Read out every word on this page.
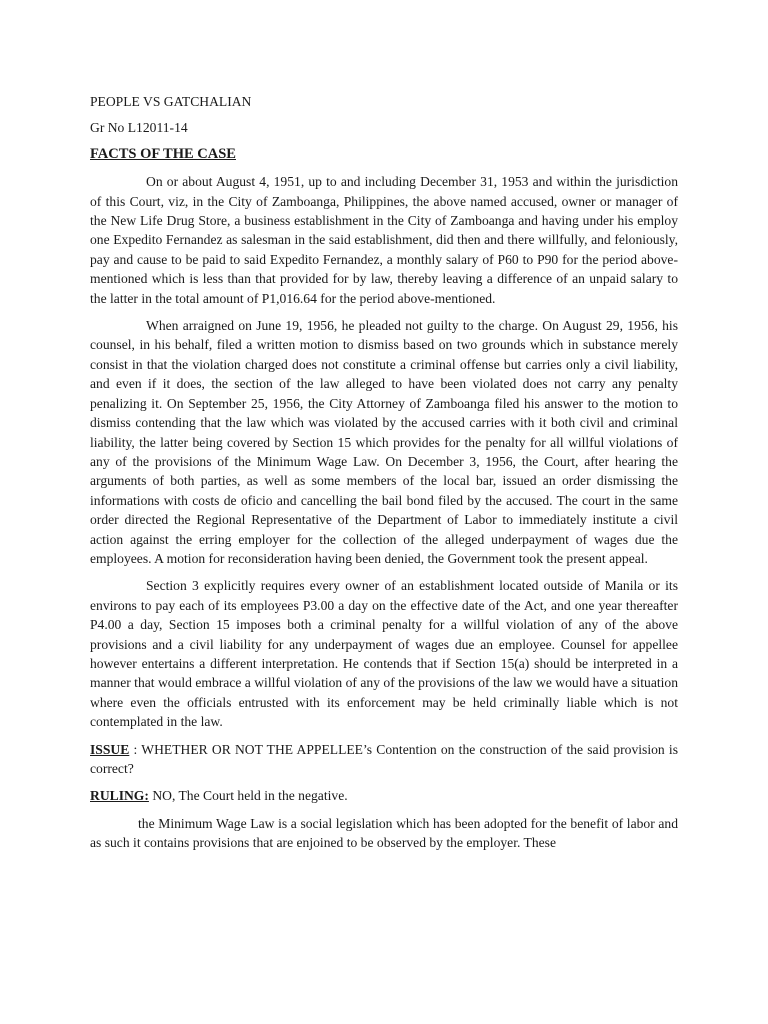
PEOPLE VS GATCHALIAN
Gr No L12011-14
FACTS OF THE CASE

On or about August 4, 1951, up to and including December 31, 1953 and within the jurisdiction of this Court, viz, in the City of Zamboanga, Philippines, the above named accused, owner or manager of the New Life Drug Store, a business establishment in the City of Zamboanga and having under his employ one Expedito Fernandez as salesman in the said establishment, did then and there willfully, and feloniously, pay and cause to be paid to said Expedito Fernandez, a monthly salary of P60 to P90 for the period above-mentioned which is less than that provided for by law, thereby leaving a difference of an unpaid salary to the latter in the total amount of P1,016.64 for the period above-mentioned.

When arraigned on June 19, 1956, he pleaded not guilty to the charge. On August 29, 1956, his counsel, in his behalf, filed a written motion to dismiss based on two grounds which in substance merely consist in that the violation charged does not constitute a criminal offense but carries only a civil liability, and even if it does, the section of the law alleged to have been violated does not carry any penalty penalizing it. On September 25, 1956, the City Attorney of Zamboanga filed his answer to the motion to dismiss contending that the law which was violated by the accused carries with it both civil and criminal liability, the latter being covered by Section 15 which provides for the penalty for all willful violations of any of the provisions of the Minimum Wage Law. On December 3, 1956, the Court, after hearing the arguments of both parties, as well as some members of the local bar, issued an order dismissing the informations with costs de oficio and cancelling the bail bond filed by the accused. The court in the same order directed the Regional Representative of the Department of Labor to immediately institute a civil action against the erring employer for the collection of the alleged underpayment of wages due the employees. A motion for reconsideration having been denied, the Government took the present appeal.

Section 3 explicitly requires every owner of an establishment located outside of Manila or its environs to pay each of its employees P3.00 a day on the effective date of the Act, and one year thereafter P4.00 a day, Section 15 imposes both a criminal penalty for a willful violation of any of the above provisions and a civil liability for any underpayment of wages due an employee. Counsel for appellee however entertains a different interpretation. He contends that if Section 15(a) should be interpreted in a manner that would embrace a willful violation of any of the provisions of the law we would have a situation where even the officials entrusted with its enforcement may be held criminally liable which is not contemplated in the law.

ISSUE : WHETHER OR NOT THE APPELLEE’s Contention on the construction of the said provision is correct?

RULING: NO, The Court held in the negative.

the Minimum Wage Law is a social legislation which has been adopted for the benefit of labor and as such it contains provisions that are enjoined to be observed by the employer. These
